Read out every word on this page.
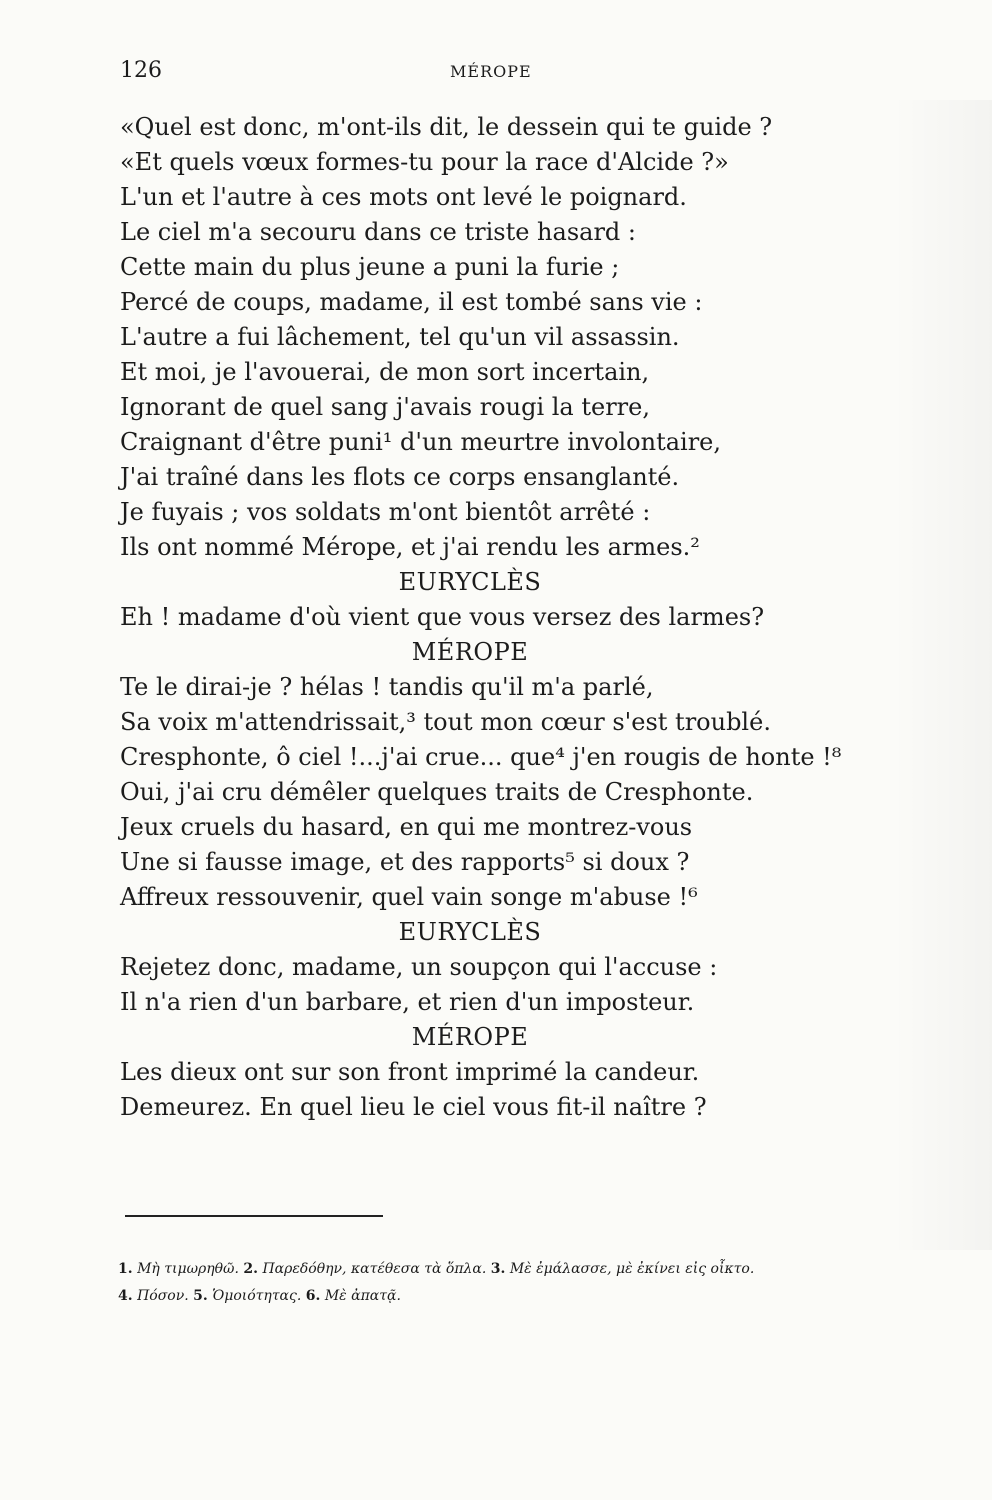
126	MÉROPE
«Quel est donc, m'ont-ils dit, le dessein qui te guide ?
«Et quels vœux formes-tu pour la race d'Alcide ?»
L'un et l'autre à ces mots ont levé le poignard.
Le ciel m'a secouru dans ce triste hasard :
Cette main du plus jeune a puni la furie ;
Percé de coups, madame, il est tombé sans vie :
L'autre a fui lâchement, tel qu'un vil assassin.
Et moi, je l'avouerai, de mon sort incertain,
Ignorant de quel sang j'avais rougi la terre,
Craignant d'être puni¹ d'un meurtre involontaire,
J'ai traîné dans les flots ce corps ensanglanté.
Je fuyais ; vos soldats m'ont bientôt arrêté :
Ils ont nommé Mérope, et j'ai rendu les armes.²
EURYCLÈS
Eh ! madame d'où vient que vous versez des larmes?
MÉROPE
Te le dirai-je ? hélas ! tandis qu'il m'a parlé,
Sa voix m'attendrissait,³ tout mon cœur s'est troublé.
Cresphonte, ô ciel !...j'ai crue... que⁴ j'en rougis de honte !⁸
Oui, j'ai cru démêler quelques traits de Cresphonte.
Jeux cruels du hasard, en qui me montrez-vous
Une si fausse image, et des rapports⁵ si doux ?
Affreux ressouvenir, quel vain songe m'abuse !⁶
EURYCLÈS
Rejetez donc, madame, un soupçon qui l'accuse :
Il n'a rien d'un barbare, et rien d'un imposteur.
MÉROPE
Les dieux ont sur son front imprimé la candeur.
Demeurez. En quel lieu le ciel vous fit-il naître ?
1. Μὴ τιμωρηθῶ. 2. Παρεδόθην, κατέθεσα τὰ ὅπλα. 3. Μὲ ἐμάλασσε, μὲ ἐκίνει εἰς οἶκτο.
4. Πόσον. 5. Ὁμοιότητας. 6. Μὲ ἀπατᾷ.
